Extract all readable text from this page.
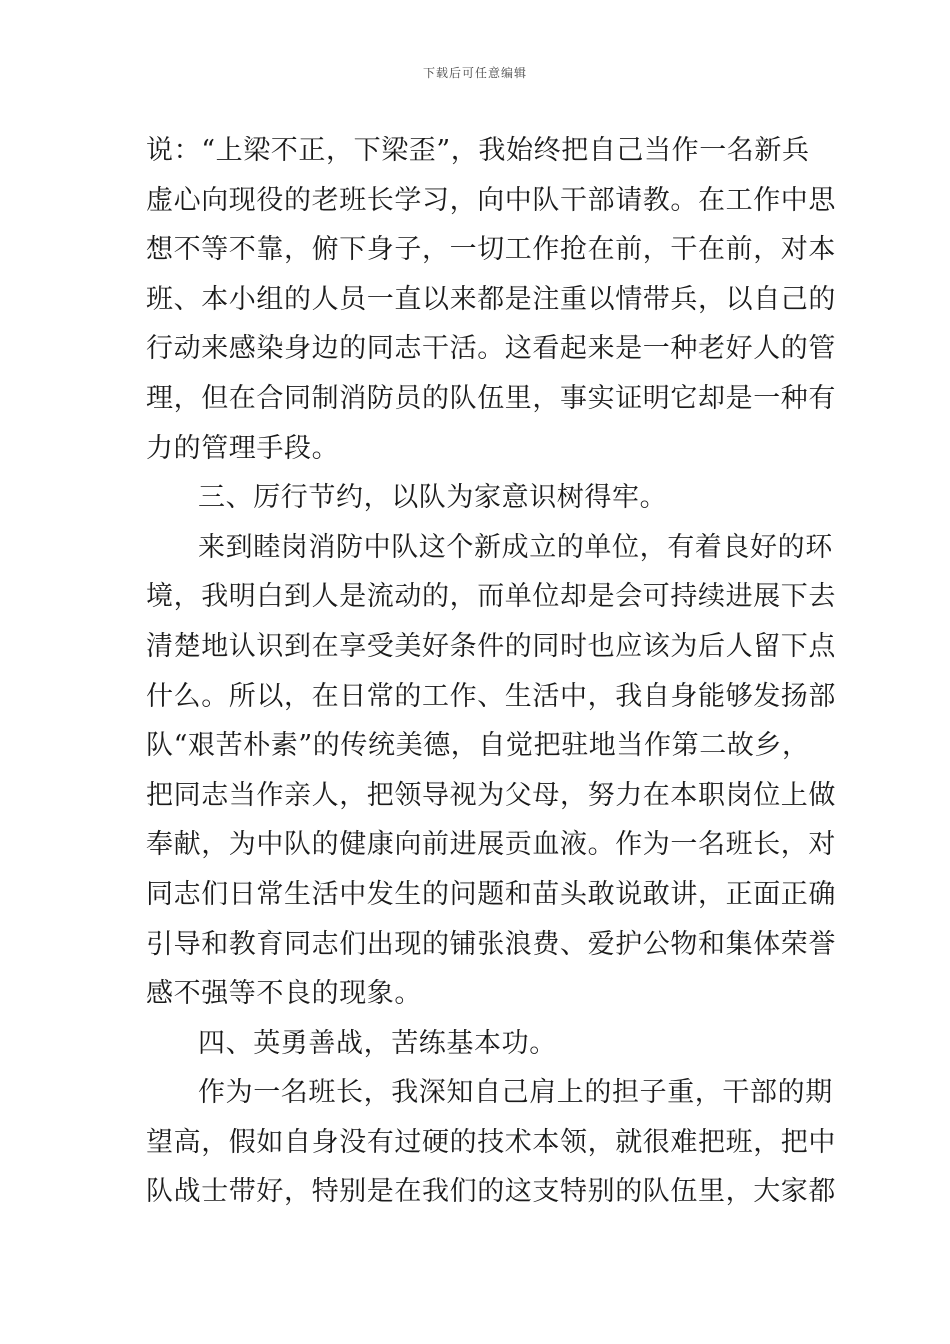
下载后可任意编辑
说：“上梁不正，下梁歪”，我始终把自己当作一名新兵
虚心向现役的老班长学习，向中队干部请教。在工作中思
想不等不靠，俯下身子，一切工作抢在前，干在前，对本
班、本小组的人员一直以来都是注重以情带兵，以自己的
行动来感染身边的同志干活。这看起来是一种老好人的管
理，但在合同制消防员的队伍里，事实证明它却是一种有
力的管理手段。
三、厉行节约，以队为家意识树得牢。
来到睦岗消防中队这个新成立的单位，有着良好的环
境，我明白到人是流动的，而单位却是会可持续进展下去
清楚地认识到在享受美好条件的同时也应该为后人留下点
什么。所以，在日常的工作、生活中，我自身能够发扬部
队“艰苦朴素”的传统美德，自觉把驻地当作第二故乡，
把同志当作亲人，把领导视为父母，努力在本职岗位上做
奉献，为中队的健康向前进展贡血液。作为一名班长，对
同志们日常生活中发生的问题和苗头敢说敢讲，正面正确
引导和教育同志们出现的铺张浪费、爱护公物和集体荣誉
感不强等不良的现象。
四、英勇善战，苦练基本功。
作为一名班长，我深知自己肩上的担子重，干部的期
望高，假如自身没有过硬的技术本领，就很难把班，把中
队战士带好，特别是在我们的这支特别的队伍里，大家都
